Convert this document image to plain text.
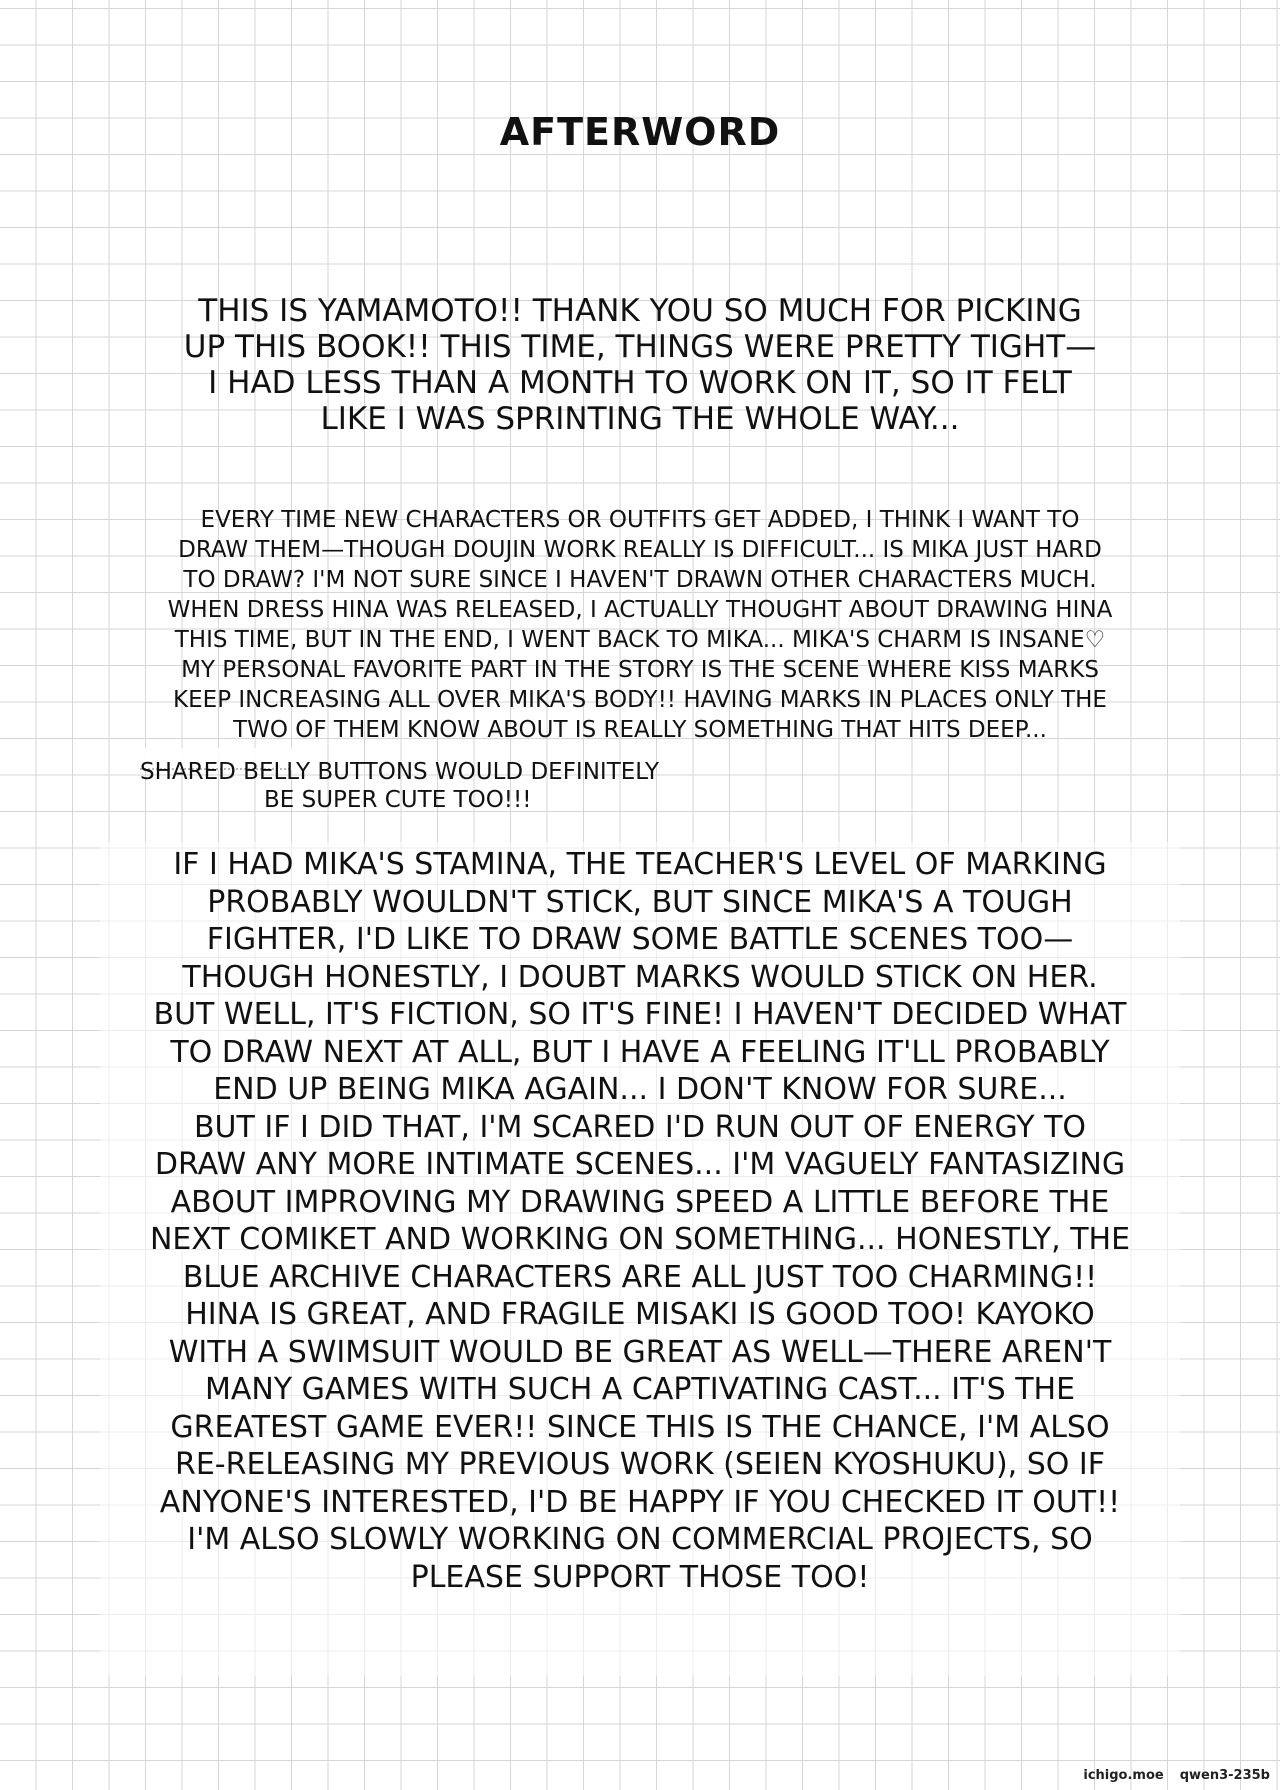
AFTERWORD
THIS IS YAMAMOTO!! THANK YOU SO MUCH FOR PICKING
UP THIS BOOK!! THIS TIME, THINGS WERE PRETTY TIGHT—
I HAD LESS THAN A MONTH TO WORK ON IT, SO IT FELT
LIKE I WAS SPRINTING THE WHOLE WAY...
EVERY TIME NEW CHARACTERS OR OUTFITS GET ADDED, I THINK I WANT TO
DRAW THEM—THOUGH DOUJIN WORK REALLY IS DIFFICULT... IS MIKA JUST HARD
TO DRAW? I'M NOT SURE SINCE I HAVEN'T DRAWN OTHER CHARACTERS MUCH.
WHEN DRESS HINA WAS RELEASED, I ACTUALLY THOUGHT ABOUT DRAWING HINA
THIS TIME, BUT IN THE END, I WENT BACK TO MIKA... MIKA'S CHARM IS INSANE♡
MY PERSONAL FAVORITE PART IN THE STORY IS THE SCENE WHERE KISS MARKS
KEEP INCREASING ALL OVER MIKA'S BODY!! HAVING MARKS IN PLACES ONLY THE
TWO OF THEM KNOW ABOUT IS REALLY SOMETHING THAT HITS DEEP...
SHARED BELLY BUTTONS WOULD DEFINITELY
BE SUPER CUTE TOO!!!
IF I HAD MIKA'S STAMINA, THE TEACHER'S LEVEL OF MARKING
PROBABLY WOULDN'T STICK, BUT SINCE MIKA'S A TOUGH
FIGHTER, I'D LIKE TO DRAW SOME BATTLE SCENES TOO—
THOUGH HONESTLY, I DOUBT MARKS WOULD STICK ON HER.
BUT WELL, IT'S FICTION, SO IT'S FINE! I HAVEN'T DECIDED WHAT
TO DRAW NEXT AT ALL, BUT I HAVE A FEELING IT'LL PROBABLY
END UP BEING MIKA AGAIN... I DON'T KNOW FOR SURE...
BUT IF I DID THAT, I'M SCARED I'D RUN OUT OF ENERGY TO
DRAW ANY MORE INTIMATE SCENES... I'M VAGUELY FANTASIZING
ABOUT IMPROVING MY DRAWING SPEED A LITTLE BEFORE THE
NEXT COMIKET AND WORKING ON SOMETHING... HONESTLY, THE
BLUE ARCHIVE CHARACTERS ARE ALL JUST TOO CHARMING!!
HINA IS GREAT, AND FRAGILE MISAKI IS GOOD TOO! KAYOKO
WITH A SWIMSUIT WOULD BE GREAT AS WELL—THERE AREN'T
MANY GAMES WITH SUCH A CAPTIVATING CAST... IT'S THE
GREATEST GAME EVER!! SINCE THIS IS THE CHANCE, I'M ALSO
RE-RELEASING MY PREVIOUS WORK (SEIEN KYOSHUKU), SO IF
ANYONE'S INTERESTED, I'D BE HAPPY IF YOU CHECKED IT OUT!!
I'M ALSO SLOWLY WORKING ON COMMERCIAL PROJECTS, SO
PLEASE SUPPORT THOSE TOO!
ichigo.moe qwen3-235b
